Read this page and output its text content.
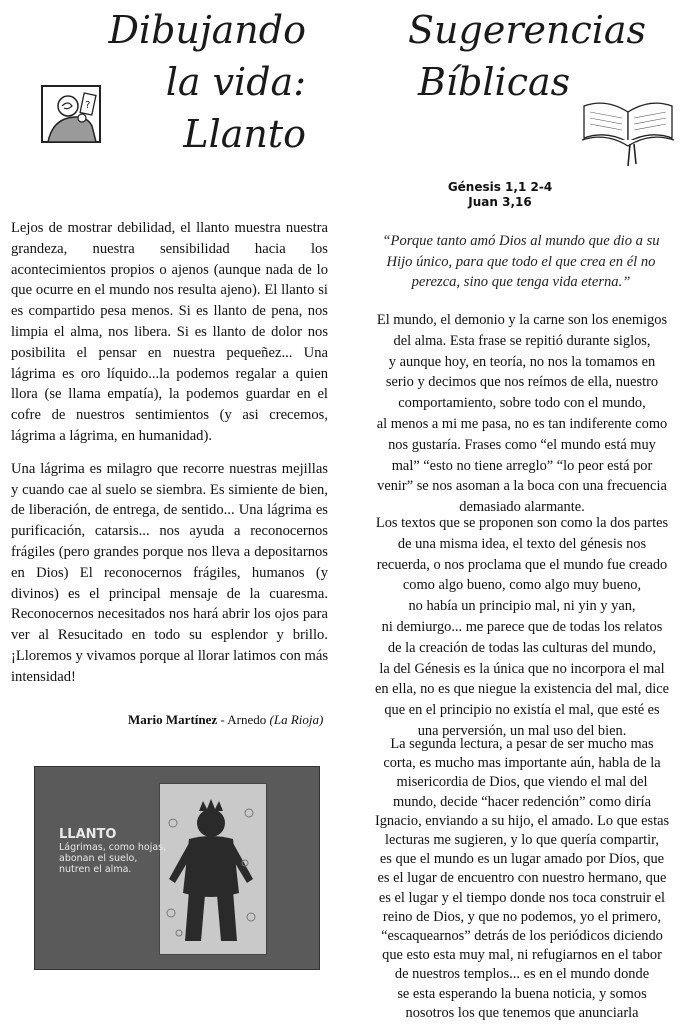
Dibujando
la vida:
Llanto
?

Lejos de mostrar debilidad, el llanto muestra nuestra grandeza, nuestra sensibilidad hacia los acontecimientos propios o ajenos (aunque nada de lo que ocurre en el mundo nos resulta ajeno). El llanto si es compartido pesa menos. Si es llanto de pena, nos limpia el alma, nos libera. Si es llanto de dolor nos posibilita el pensar en nuestra pequeñez... Una lágrima es oro líquido...la podemos regalar a quien llora (se llama empatía), la podemos guardar en el cofre de nuestros sentimientos (y asi crecemos, lágrima a lágrima, en humanidad).

Una lágrima es milagro que recorre nuestras mejillas y cuando cae al suelo se siembra. Es simiente de bien, de liberación, de entrega, de sentido... Una lágrima es purificación, catarsis... nos ayuda a reconocernos frágiles (pero grandes porque nos lleva a depositarnos en Dios) El reconocernos frágiles, humanos (y divinos) es el principal mensaje de la cuaresma. Reconocernos necesitados nos hará abrir los ojos para ver al Resucitado en todo su esplendor y brillo. ¡Lloremos y vivamos porque al llorar latimos con más intensidad!

Mario Martínez - Arnedo (La Rioja)
LLANTO
Lágrimas, como hojas,
abonan el suelo,
nutren el alma.
Sugerencias
Bíblicas
Génesis 1,1 2-4
Juan 3,16
“Porque tanto amó Dios al mundo que dio a su
Hijo único, para que todo el que crea en él no
perezca, sino que tenga vida eterna.”
El mundo, el demonio y la carne son los enemigos
del alma. Esta frase se repitió durante siglos,
y aunque hoy, en teoría, no nos la tomamos en
serio y decimos que nos reímos de ella, nuestro
comportamiento, sobre todo con el mundo,
al menos a mi me pasa, no es tan indiferente como
nos gustaría. Frases como “el mundo está muy
mal” “esto no tiene arreglo” “lo peor está por
venir” se nos asoman a la boca con una frecuencia
demasiado alarmante.
Los textos que se proponen son como la dos partes
de una misma idea, el texto del génesis nos
recuerda, o nos proclama que el mundo fue creado
como algo bueno, como algo muy bueno,
no había un principio mal, ni yin y yan,
ni demiurgo... me parece que de todas los relatos
de la creación de todas las culturas del mundo,
la del Génesis es la única que no incorpora el mal
en ella, no es que niegue la existencia del mal, dice
que en el principio no existía el mal, que esté es
una perversión, un mal uso del bien.
La segunda lectura, a pesar de ser mucho mas
corta, es mucho mas importante aún, habla de la
misericordia de Dios, que viendo el mal del
mundo, decide “hacer redención” como diría
Ignacio, enviando a su hijo, el amado. Lo que estas
lecturas me sugieren, y lo que quería compartir,
es que el mundo es un lugar amado por Dios, que
es el lugar de encuentro con nuestro hermano, que
es el lugar y el tiempo donde nos toca construir el
reino de Dios, y que no podemos, yo el primero,
“escaquearnos” detrás de los periódicos diciendo
que esto esta muy mal, ni refugiarnos en el tabor
de nuestros templos... es en el mundo donde
se esta esperando la buena noticia, y somos
nosotros los que tenemos que anunciarla
